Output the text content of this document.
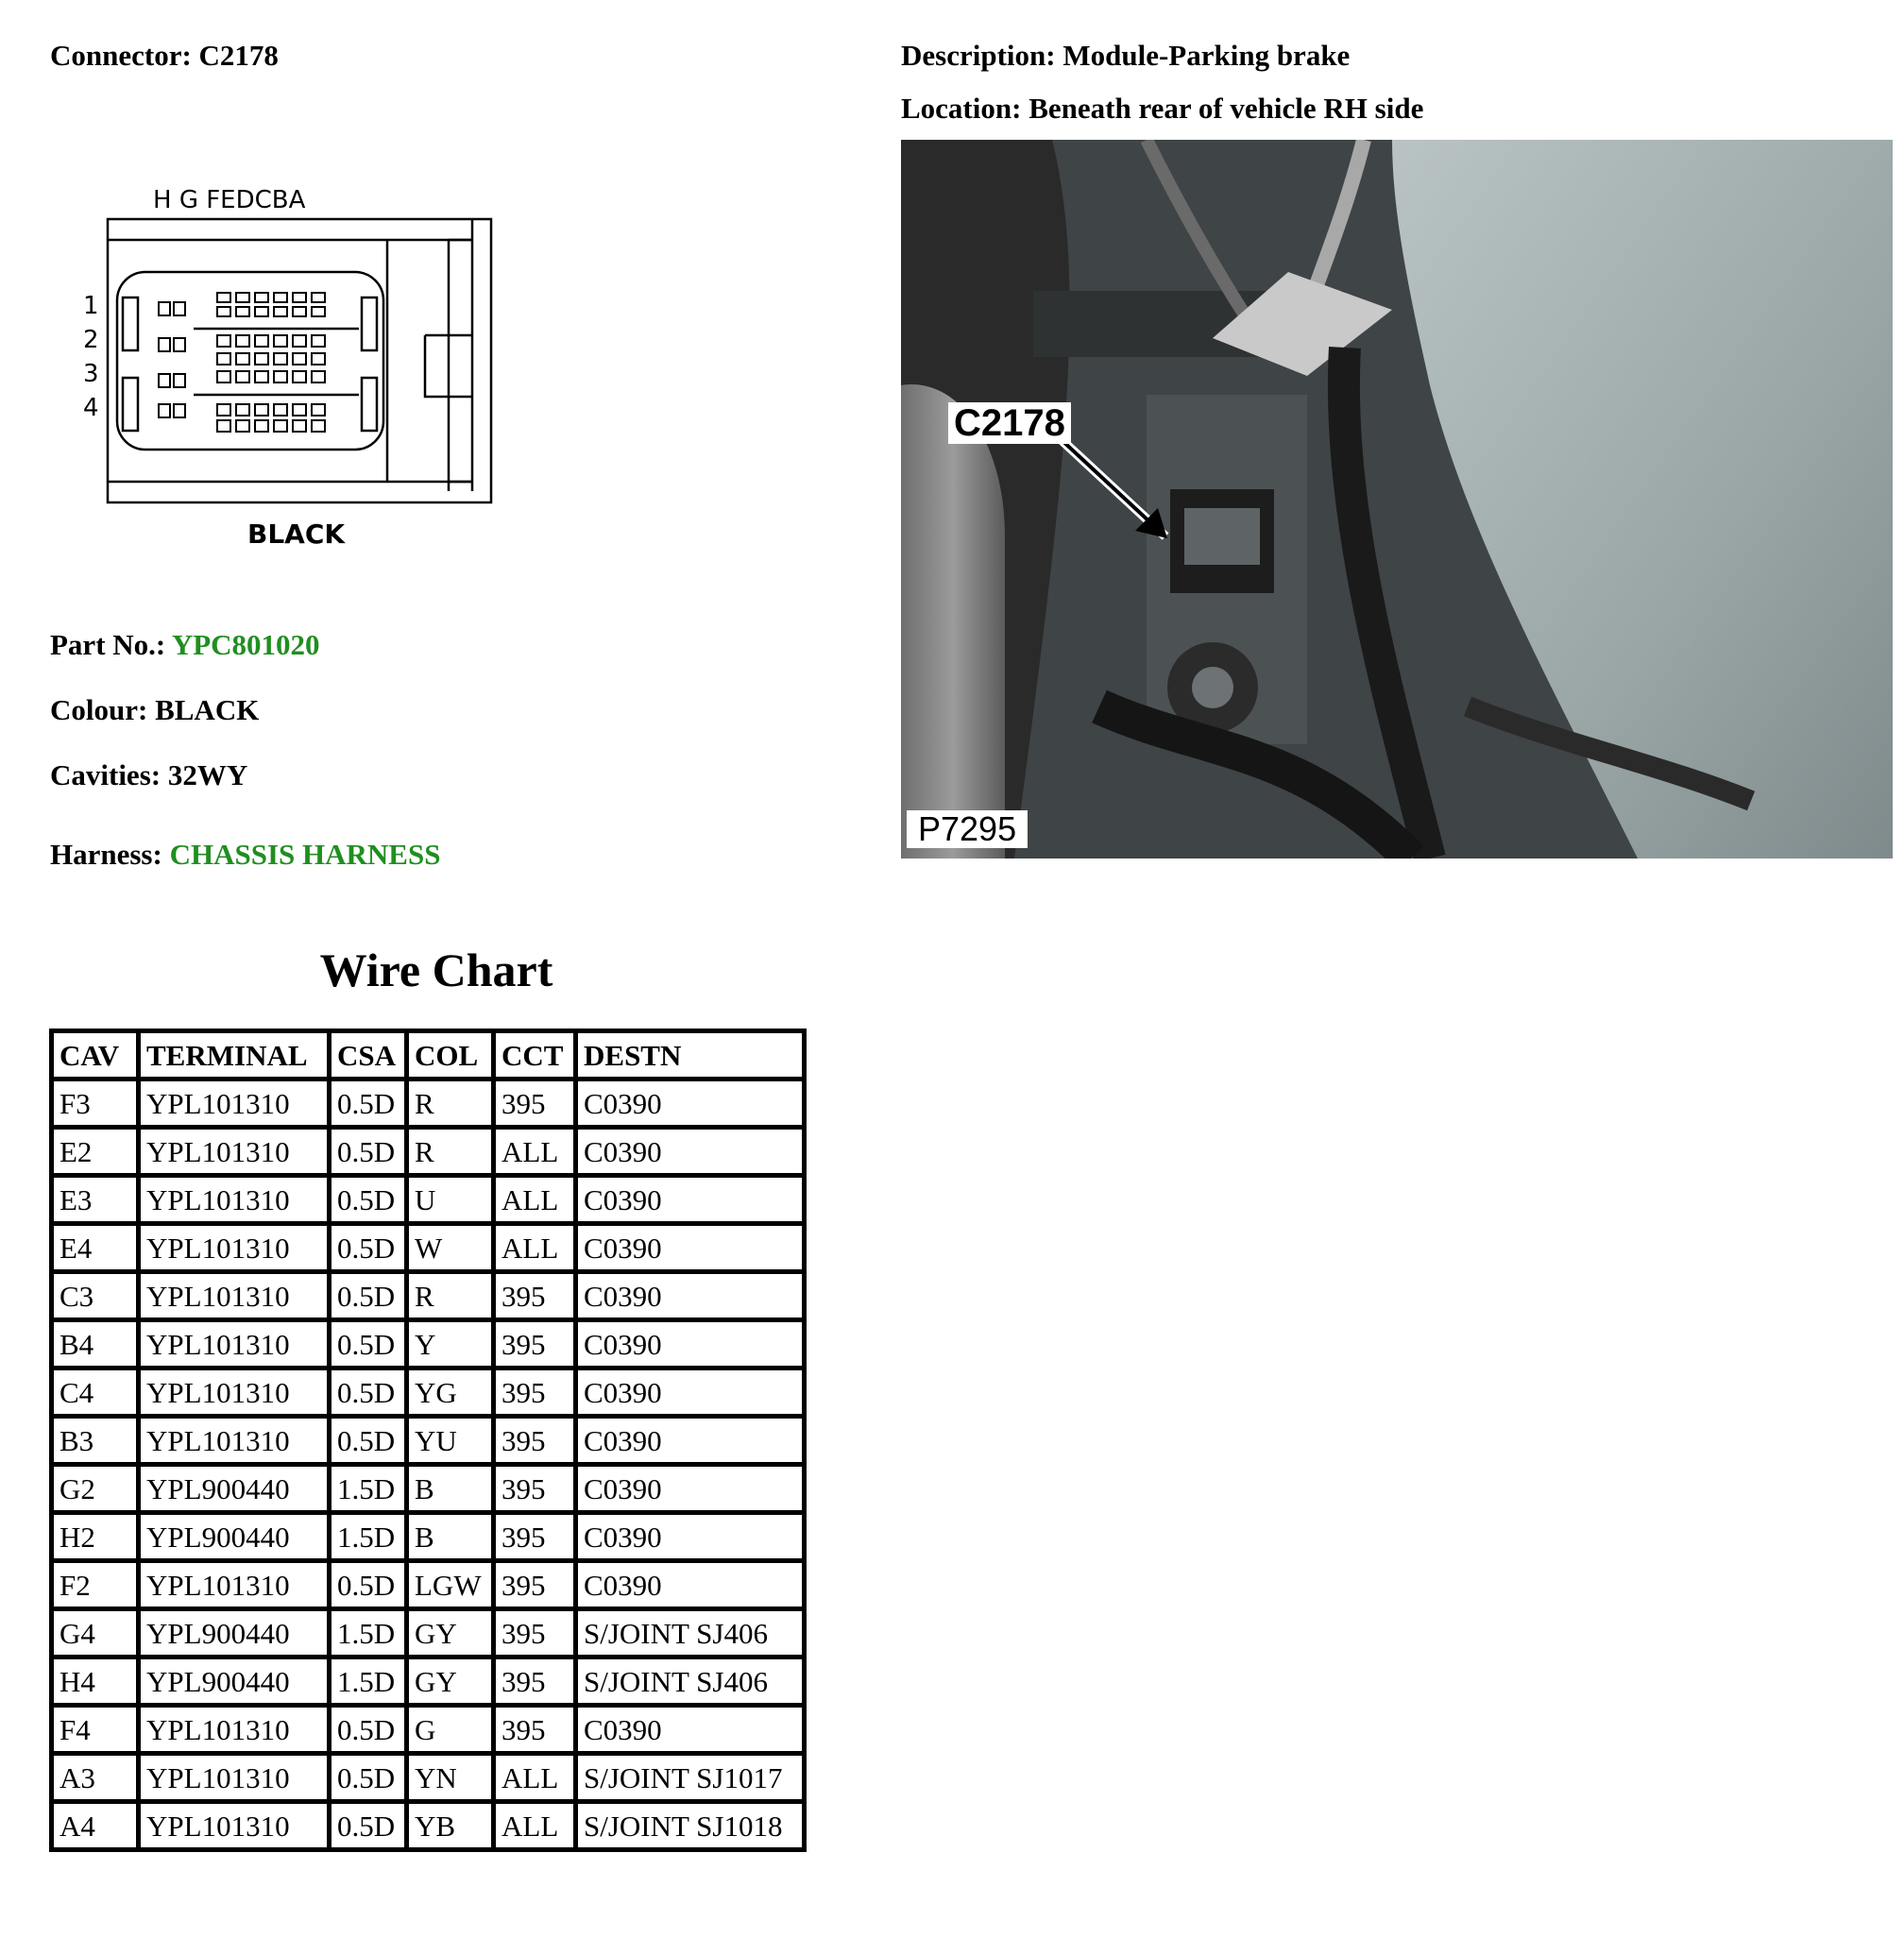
Connector: C2178	Description: Module-Parking brake
Location: Beneath rear of vehicle RH side
H G FEDCBA
1
2
3
4
BLACK
C2178
P7295
Part No.: YPC801020
Colour: BLACK
Cavities: 32WY
Harness: CHASSIS HARNESS
Wire Chart
CAV	TERMINAL	CSA	COL	CCT	DESTN
F3	YPL101310	0.5D	R	395	C0390
E2	YPL101310	0.5D	R	ALL	C0390
E3	YPL101310	0.5D	U	ALL	C0390
E4	YPL101310	0.5D	W	ALL	C0390
C3	YPL101310	0.5D	R	395	C0390
B4	YPL101310	0.5D	Y	395	C0390
C4	YPL101310	0.5D	YG	395	C0390
B3	YPL101310	0.5D	YU	395	C0390
G2	YPL900440	1.5D	B	395	C0390
H2	YPL900440	1.5D	B	395	C0390
F2	YPL101310	0.5D	LGW	395	C0390
G4	YPL900440	1.5D	GY	395	S/JOINT SJ406
H4	YPL900440	1.5D	GY	395	S/JOINT SJ406
F4	YPL101310	0.5D	G	395	C0390
A3	YPL101310	0.5D	YN	ALL	S/JOINT SJ1017
A4	YPL101310	0.5D	YB	ALL	S/JOINT SJ1018
